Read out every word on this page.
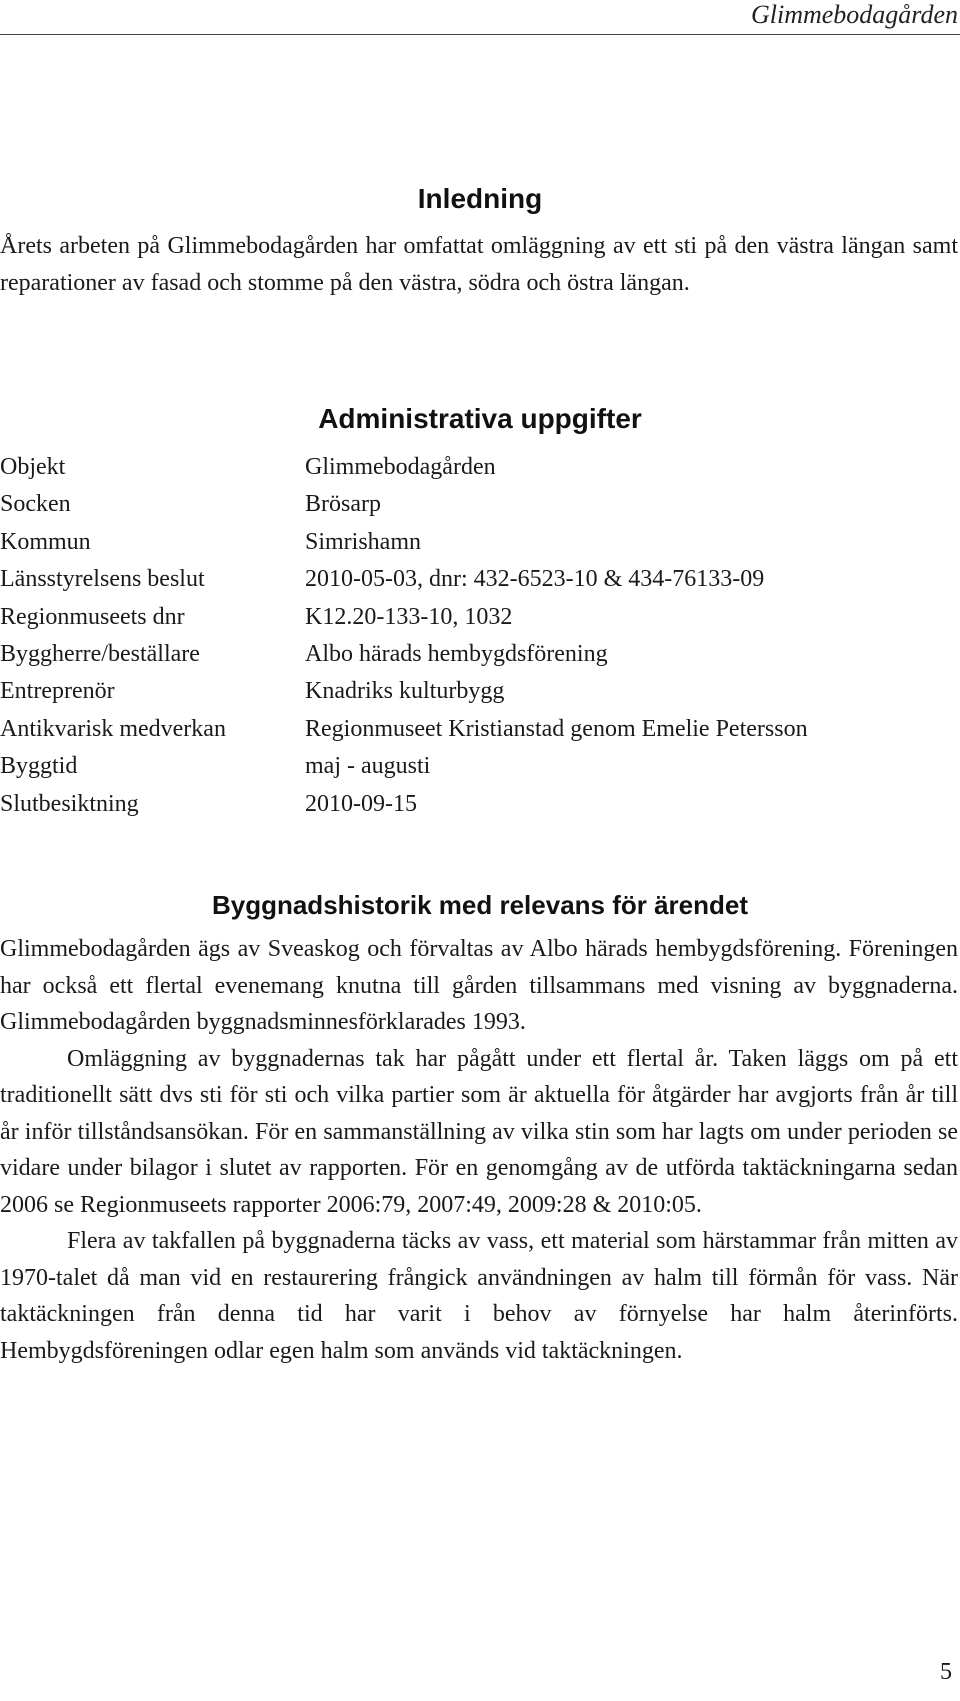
Glimmebodagården
Inledning
Årets arbeten på Glimmebodagården har omfattat omläggning av ett sti på den västra längan samt reparationer av fasad och stomme på den västra, södra och östra längan.
Administrativa uppgifter
Objekt	Glimmebodagården
Socken	Brösarp
Kommun	Simrishamn
Länsstyrelsens beslut	2010-05-03, dnr: 432-6523-10 & 434-76133-09
Regionmuseets dnr	K12.20-133-10, 1032
Byggherre/beställare	Albo härads hembygdsförening
Entreprenör	Knadriks kulturbygg
Antikvarisk medverkan	Regionmuseet Kristianstad genom Emelie Petersson
Byggtid	maj - augusti
Slutbesiktning	2010-09-15
Byggnadshistorik med relevans för ärendet

Glimmebodagården ägs av Sveaskog och förvaltas av Albo härads hembygdsförening. Föreningen har också ett flertal evenemang knutna till gården tillsammans med visning av byggnaderna. Glimmebodagården byggnadsminnesförklarades 1993.

Omläggning av byggnadernas tak har pågått under ett flertal år. Taken läggs om på ett traditionellt sätt dvs sti för sti och vilka partier som är aktuella för åtgärder har avgjorts från år till år inför tillståndsansökan. För en sammanställning av vilka stin som har lagts om under perioden se vidare under bilagor i slutet av rapporten. För en genomgång av de utförda taktäckningarna sedan 2006 se Regionmuseets rapporter 2006:79, 2007:49, 2009:28 & 2010:05.

Flera av takfallen på byggnaderna täcks av vass, ett material som härstammar från mitten av 1970-talet då man vid en restaurering frångick användningen av halm till förmån för vass. När taktäckningen från denna tid har varit i behov av förnyelse har halm återinförts. Hembygdsföreningen odlar egen halm som används vid taktäckningen.

5
